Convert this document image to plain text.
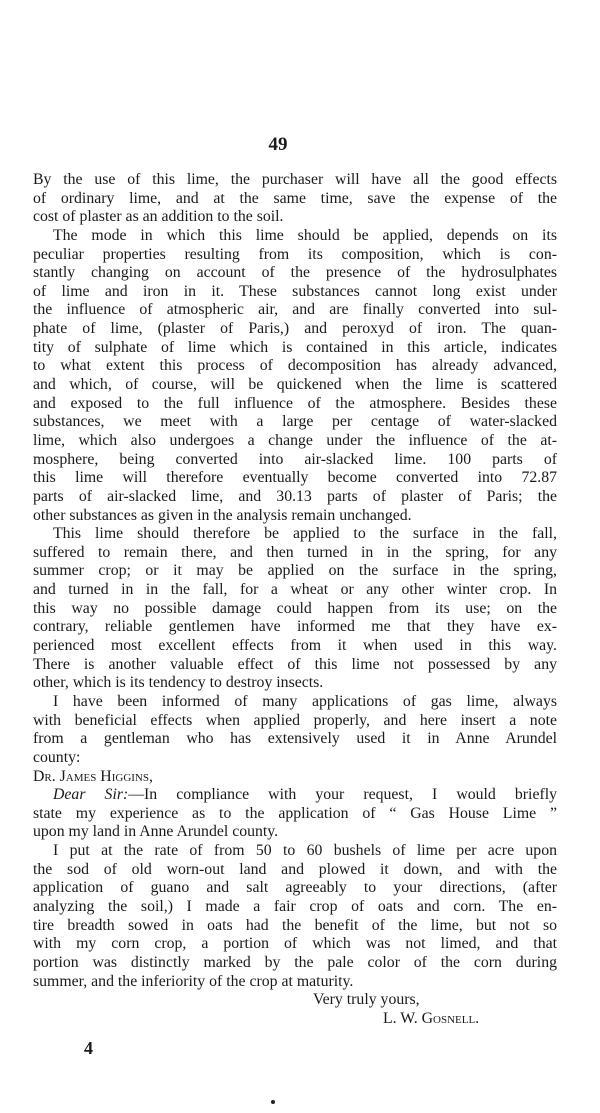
49
By the use of this lime, the purchaser will have all the good effects
of ordinary lime, and at the same time, save the expense of the
cost of plaster as an addition to the soil.
The mode in which this lime should be applied, depends on its
peculiar properties resulting from its composition, which is con-
stantly changing on account of the presence of the hydrosulphates
of lime and iron in it. These substances cannot long exist under
the influence of atmospheric air, and are finally converted into sul-
phate of lime, (plaster of Paris,) and peroxyd of iron. The quan-
tity of sulphate of lime which is contained in this article, indicates
to what extent this process of decomposition has already advanced,
and which, of course, will be quickened when the lime is scattered
and exposed to the full influence of the atmosphere. Besides these
substances, we meet with a large per centage of water-slacked
lime, which also undergoes a change under the influence of the at-
mosphere, being converted into air-slacked lime. 100 parts of
this lime will therefore eventually become converted into 72.87
parts of air-slacked lime, and 30.13 parts of plaster of Paris; the
other substances as given in the analysis remain unchanged.
This lime should therefore be applied to the surface in the fall,
suffered to remain there, and then turned in in the spring, for any
summer crop; or it may be applied on the surface in the spring,
and turned in in the fall, for a wheat or any other winter crop. In
this way no possible damage could happen from its use; on the
contrary, reliable gentlemen have informed me that they have ex-
perienced most excellent effects from it when used in this way.
There is another valuable effect of this lime not possessed by any
other, which is its tendency to destroy insects.
I have been informed of many applications of gas lime, always
with beneficial effects when applied properly, and here insert a note
from a gentleman who has extensively used it in Anne Arundel
county:
Dr. James Higgins,
Dear Sir:—In compliance with your request, I would briefly
state my experience as to the application of “ Gas House Lime ”
upon my land in Anne Arundel county.
I put at the rate of from 50 to 60 bushels of lime per acre upon
the sod of old worn-out land and plowed it down, and with the
application of guano and salt agreeably to your directions, (after
analyzing the soil,) I made a fair crop of oats and corn. The en-
tire breadth sowed in oats had the benefit of the lime, but not so
with my corn crop, a portion of which was not limed, and that
portion was distinctly marked by the pale color of the corn during
summer, and the inferiority of the crop at maturity.
Very truly yours,
L. W. Gosnell.
4
